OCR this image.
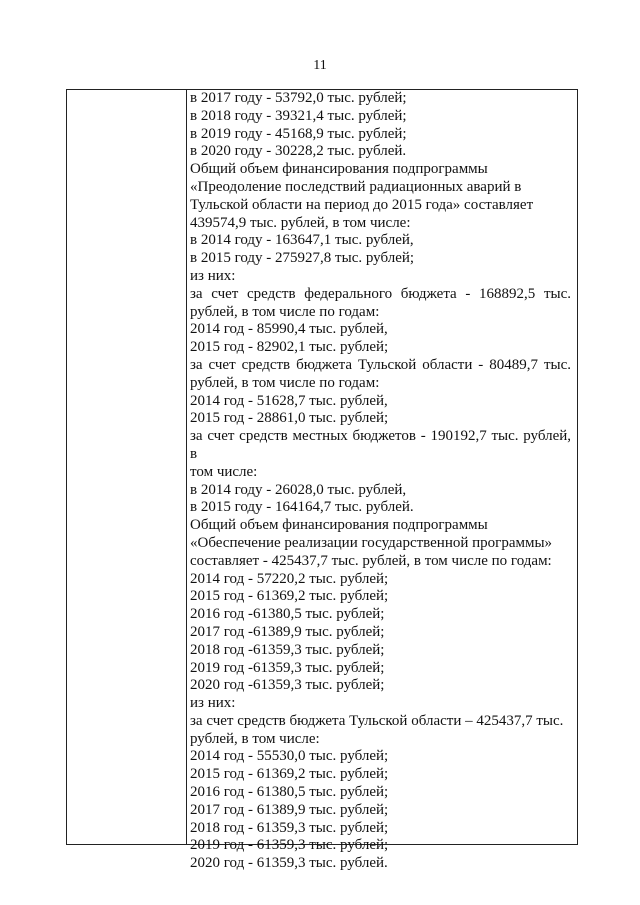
11
в 2017 году - 53792,0 тыс. рублей;
в 2018 году - 39321,4 тыс. рублей;
в 2019 году - 45168,9 тыс. рублей;
в 2020 году - 30228,2 тыс. рублей.
Общий объем финансирования подпрограммы
«Преодоление последствий радиационных аварий в
Тульской области на период до 2015 года» составляет
439574,9 тыс. рублей, в том числе:
в 2014 году - 163647,1 тыс. рублей,
в 2015 году - 275927,8 тыс. рублей;
из них:
за счет средств федерального бюджета - 168892,5 тыс.
рублей, в том числе по годам:
2014 год - 85990,4 тыс. рублей,
2015 год - 82902,1 тыс. рублей;
за счет средств бюджета Тульской области - 80489,7 тыс.
рублей, в том числе по годам:
2014 год - 51628,7 тыс. рублей,
2015 год - 28861,0 тыс. рублей;
за счет средств местных бюджетов - 190192,7 тыс. рублей, в
том числе:
в 2014 году - 26028,0 тыс. рублей,
в 2015 году - 164164,7 тыс. рублей.
Общий объем финансирования подпрограммы
«Обеспечение реализации государственной программы»
составляет - 425437,7 тыс. рублей, в том числе по годам:
2014 год - 57220,2 тыс. рублей;
2015 год - 61369,2 тыс. рублей;
2016 год -61380,5 тыс. рублей;
2017 год -61389,9 тыс. рублей;
2018 год -61359,3 тыс. рублей;
2019 год -61359,3 тыс. рублей;
2020 год -61359,3 тыс. рублей;
из них:
за счет средств бюджета Тульской области – 425437,7 тыс.
рублей, в том числе:
2014 год - 55530,0 тыс. рублей;
2015 год - 61369,2 тыс. рублей;
2016 год - 61380,5 тыс. рублей;
2017 год - 61389,9 тыс. рублей;
2018 год - 61359,3 тыс. рублей;
2019 год - 61359,3 тыс. рублей;
2020 год - 61359,3 тыс. рублей.
